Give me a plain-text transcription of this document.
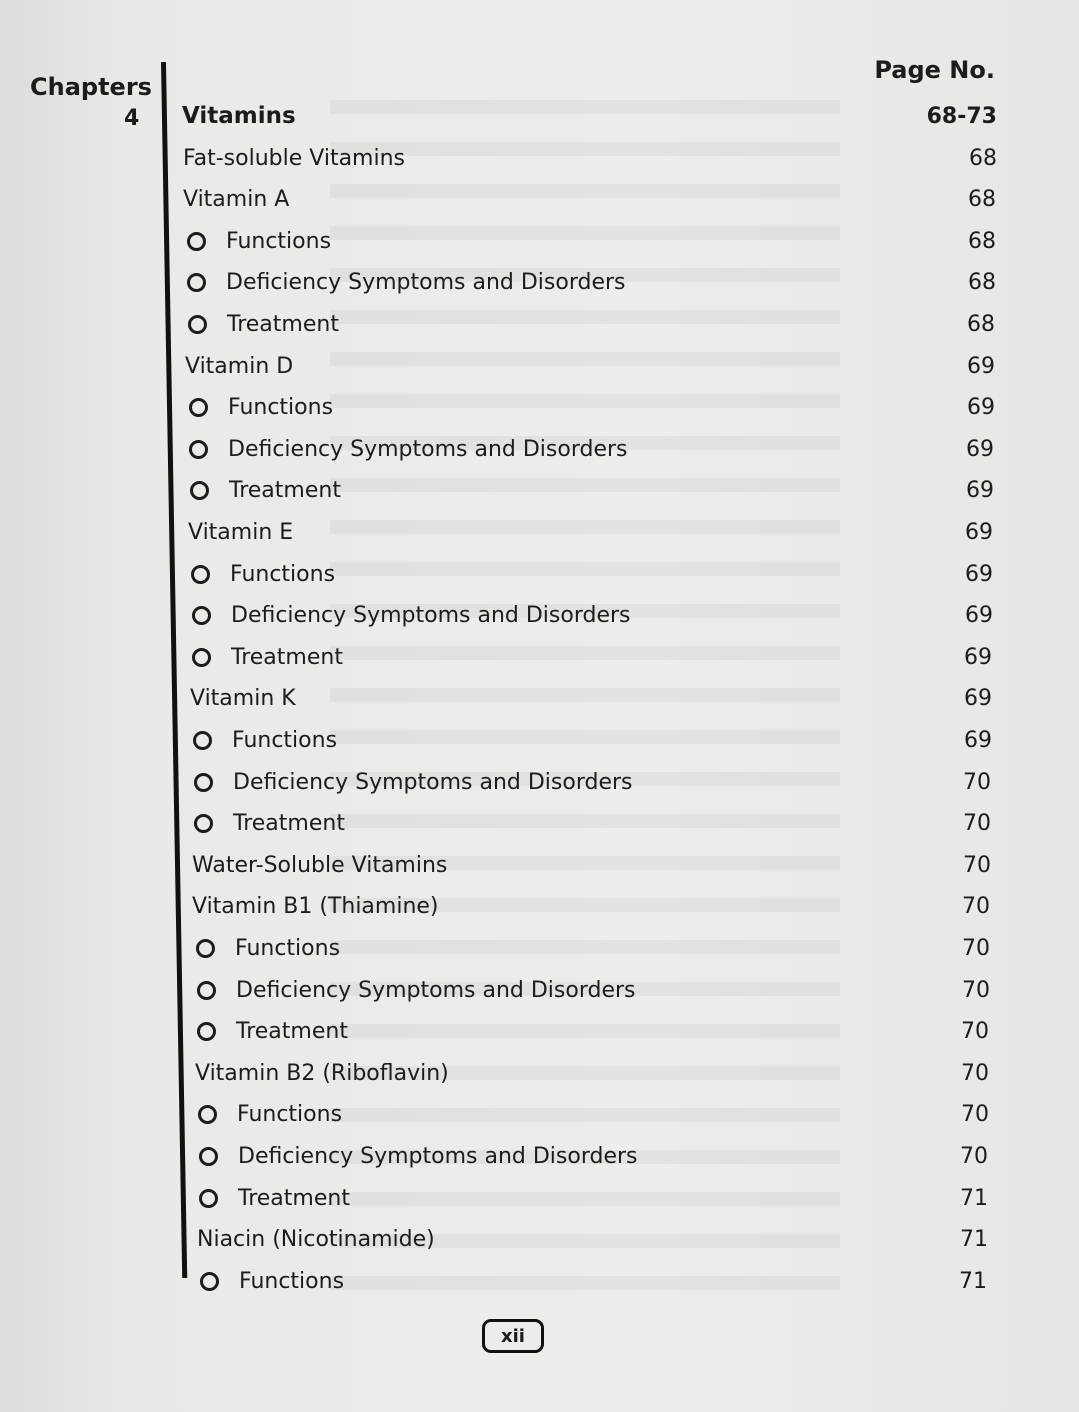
Chapters
Page No.
4 Vitamins	68-73
Fat-soluble Vitamins	68
Vitamin A	68
Functions	68
Deficiency Symptoms and Disorders	68
Treatment	68
Vitamin D	69
Functions	69
Deficiency Symptoms and Disorders	69
Treatment	69
Vitamin E	69
Functions	69
Deficiency Symptoms and Disorders	69
Treatment	69
Vitamin K	69
Functions	69
Deficiency Symptoms and Disorders	70
Treatment	70
Water-Soluble Vitamins	70
Vitamin B1 (Thiamine)	70
Functions	70
Deficiency Symptoms and Disorders	70
Treatment	70
Vitamin B2 (Riboflavin)	70
Functions	70
Deficiency Symptoms and Disorders	70
Treatment	71
Niacin (Nicotinamide)	71
Functions	71
xii
